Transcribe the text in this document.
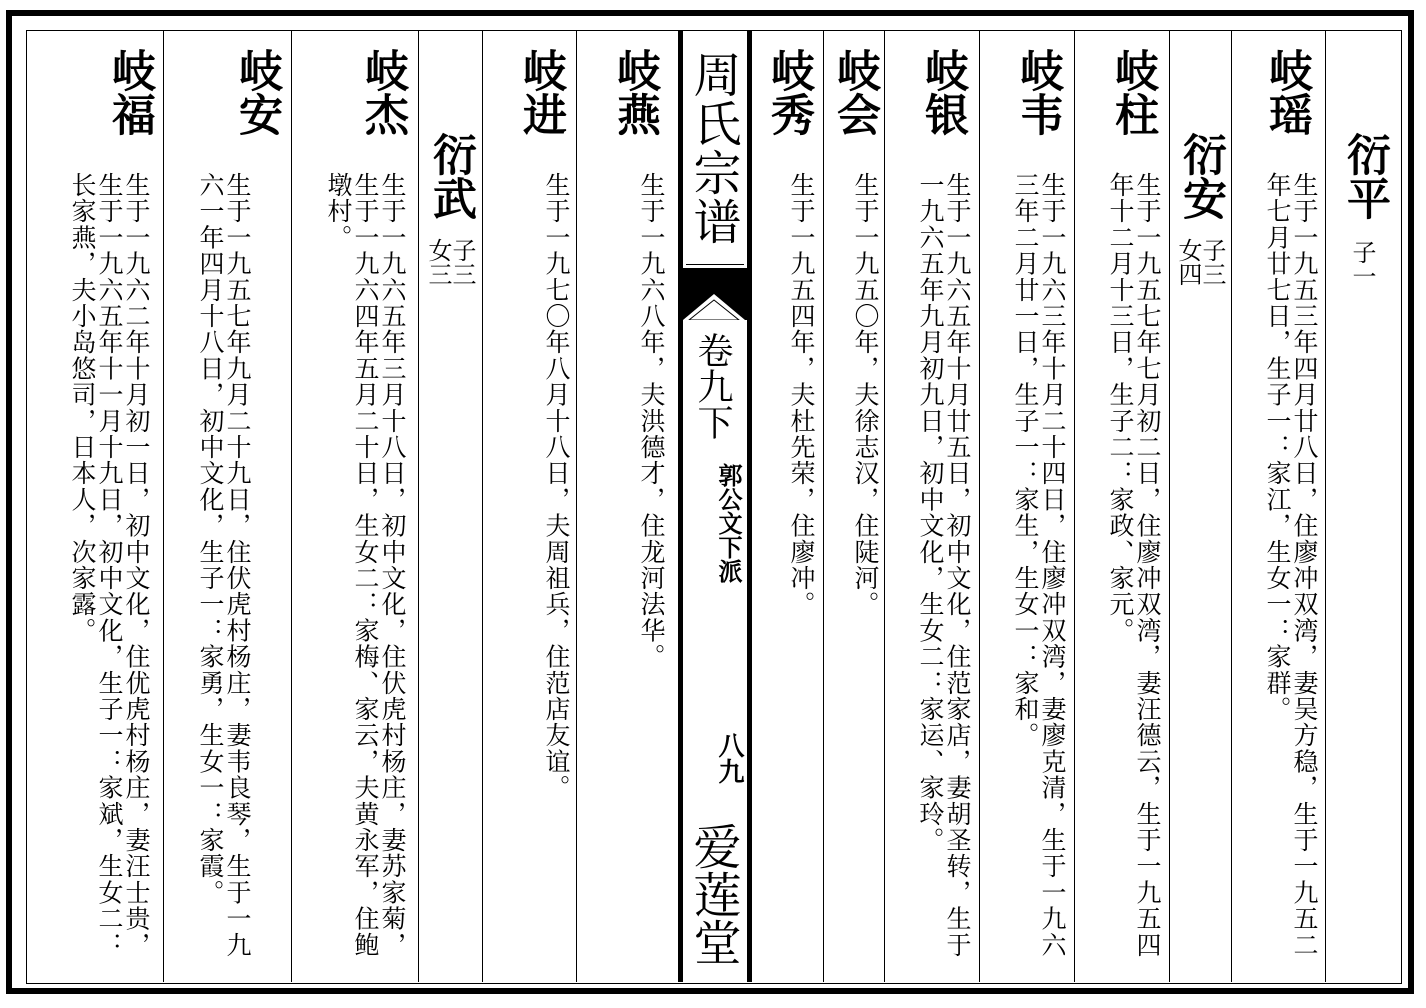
周氏宗谱
卷九下
郭公文下派
八九
爱莲堂
衍平
子一
岐瑶
生于一九五三年四月廿八日，住廖冲双湾，妻吴方稳，生于一九五二年七月廿七日，生子一：家江，生女一：家群。
衍安
子三
女四
岐柱
生于一九五七年七月初二日，住廖冲双湾，妻汪德云，生于一九五四年十二月十三日，生子二：家政、家元。
岐韦
生于一九六三年十月二十四日，住廖冲双湾，妻廖克清，生于一九六三年二月廿一日，生子一：家生，生女一：家和。
岐银
生于一九六五年十月廿五日，初中文化，住范家店，妻胡圣转，生于一九六五年九月初九日，初中文化，生女二：家运、家玲。
岐会
生于一九五〇年，夫徐志汉，住陡河。
岐秀
生于一九五四年，夫杜先荣，住廖冲。
岐燕
生于一九六八年，夫洪德才，住龙河法华。
岐进
生于一九七〇年八月十八日，夫周祖兵，住范店友谊。
衍武
子三
女三
岐杰
生于一九六五年三月十八日，初中文化，住伏虎村杨庄，妻苏家菊，生于一九六四年五月二十日，生女二：家梅、家云，夫黄永军，住鲍墩村。
岐安
生于一九五七年九月二十九日，住伏虎村杨庄，妻韦良琴，生于一九六一年四月十八日，初中文化，生子一：家勇，生女一：家霞。
岐福
生于一九六二年十月初一日，初中文化，住优虎村杨庄，妻汪士贵，生于一九六五年十一月十九日，初中文化，生子一：家斌，生女二：长家燕，夫小岛悠司，日本人，次家露。
